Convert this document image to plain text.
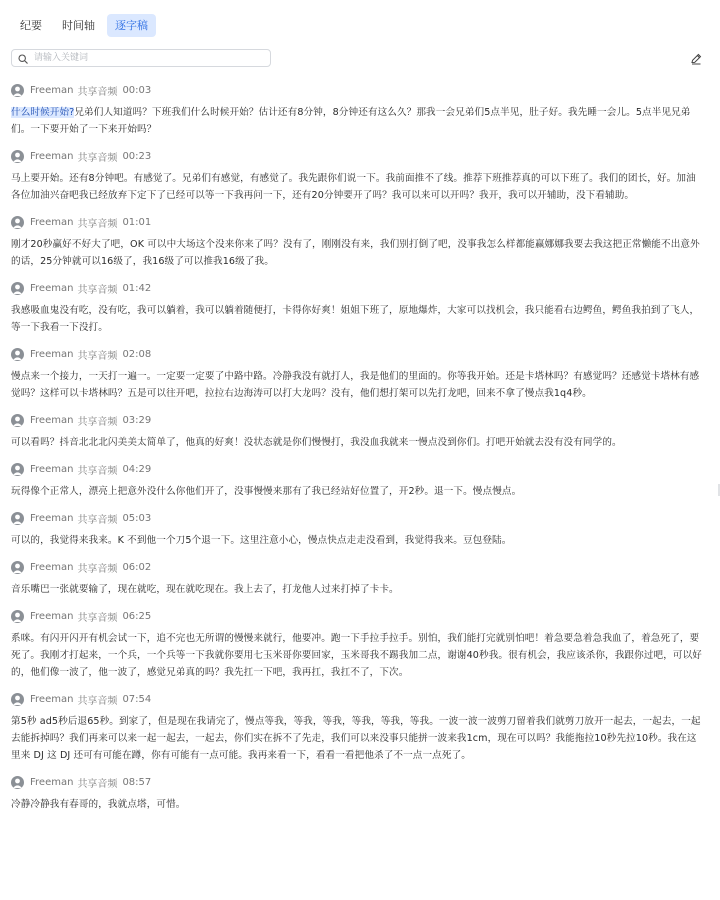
纪要	时间轴	逐字稿
请输入关键词
Freeman 共享音频 00:03
什么时候开始?兄弟们人知道吗？下班我们什么时候开始？估计还有8分钟，8分钟还有这么久？那我一会兄弟们5点半见，肚子好。我先睡一会儿。5点半见兄弟们。一下要开始了一下来开始吗？
Freeman 共享音频 00:23
马上要开始。还有8分钟吧。有感觉了。兄弟们有感觉，有感觉了。我先跟你们说一下。我前面推不了线。推荐下班推荐真的可以下班了。我们的团长，好。加油各位加油兴奋吧我已经放弃下定下了已经可以等一下我再问一下，还有20分钟要开了吗？我可以来可以开吗？我开，我可以开辅助，没下看辅助。
Freeman 共享音频 01:01
刚才20秒赢好不好大了吧，OK 可以中大场这个没来你来了吗？没有了，刚刚没有来，我们别打倒了吧，没事我怎么样都能赢娜娜我要去我这把正常懒能不出意外的话，25分钟就可以16级了，我16级了可以推我16级了我。
Freeman 共享音频 01:42
我感吸血鬼没有吃，没有吃，我可以躺着，我可以躺着随便打，卡得你好爽！姐姐下班了，原地爆炸，大家可以找机会，我只能看右边鳄鱼，鳄鱼我拍到了飞人，等一下我看一下没打。
Freeman 共享音频 02:08
慢点来一个接力，一天打一遍一。一定要一定要了中路中路。冷静我没有就打人，我是他们的里面的。你等我开始。还是卡塔林吗？有感觉吗？还感觉卡塔林有感觉吗？这样可以卡塔林吗？五是可以往开吧，拉拉右边海涛可以打大龙吗？没有，他们想打架可以先打龙吧，回来不拿了慢点我1q4秒。
Freeman 共享音频 03:29
可以看吗？抖音北北北闪美美太简单了，他真的好爽！没状态就是你们慢慢打，我没血我就来一慢点没到你们。打吧开始就去没有没有同学的。
Freeman 共享音频 04:29
玩得像个正常人，漂亮上把意外没什么你他们开了，没事慢慢来那有了我已经站好位置了，开2秒。退一下。慢点慢点。
Freeman 共享音频 05:03
可以的，我觉得来我来。K 不到他一个刀5个退一下。这里注意小心，慢点快点走走没看到，我觉得我来。豆包登陆。
Freeman 共享音频 06:02
音乐嘴巴一张就要输了，现在就吃，现在就吃现在。我上去了，打龙他人过来打掉了卡卡。
Freeman 共享音频 06:25
系咪。有闪开闪开有机会试一下，追不完也无所谓的慢慢来就行，他要冲。跑一下手拉手拉手。别怕，我们能打完就别怕吧！着急要急着急我血了，着急死了，要死了。我刚才打起来，一个兵，一个兵等一下我就你要用七玉米哥你要回家，玉米哥我不踢我加二点，谢谢40秒我。很有机会，我应该杀你，我跟你过吧，可以好的，他们像一波了，他一波了，感觉兄弟真的吗？我先扛一下吧，我再扛，我扛不了，下次。
Freeman 共享音频 07:54
第5秒 ad5秒后退65秒。到家了，但是现在我请完了，慢点等我，等我，等我，等我，等我，等我。一波一波一波剪刀留着我们就剪刀放开一起去，一起去，一起去能拆掉吗？我们再来可以来一起一起去，一起去，你们实在拆不了先走，我们可以来没事只能拼一波来我1cm，现在可以吗？我能拖拉10秒先拉10秒。我在这里来 DJ 这 DJ 还可有可能在蹲，你有可能有一点可能。我再来看一下，看看一看把他杀了不一点一点死了。
Freeman 共享音频 08:57
冷静冷静我有春哥的，我就点塔，可惜。
